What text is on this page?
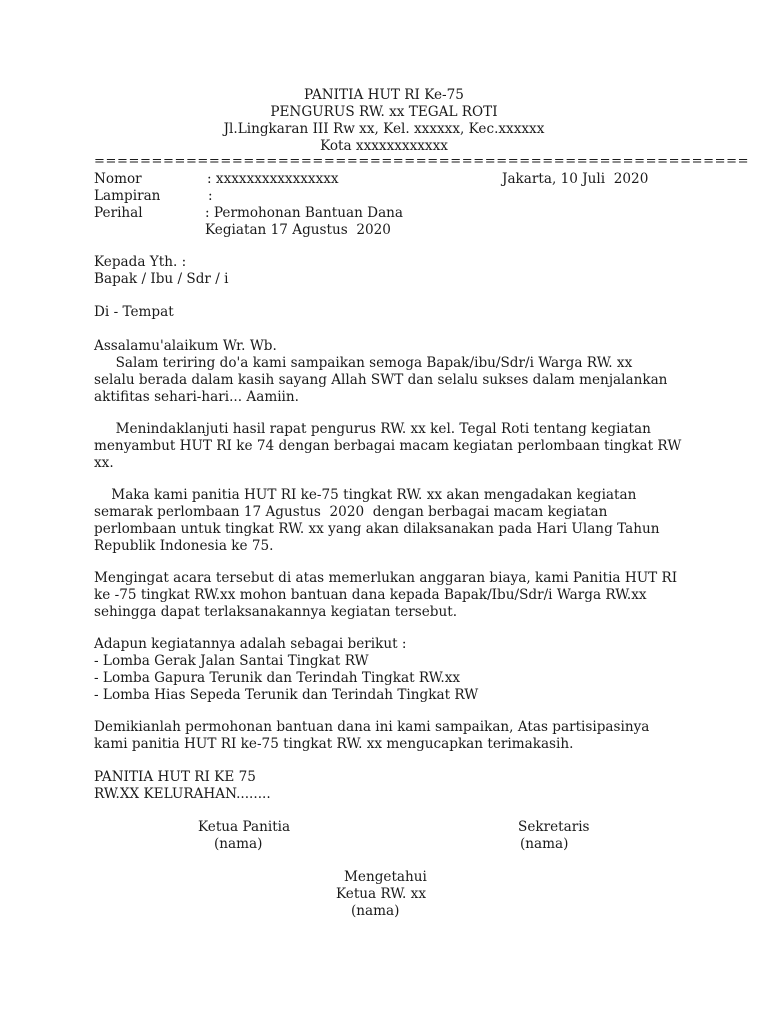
PANITIA HUT RI Ke-75
PENGURUS RW. xx TEGAL ROTI
Jl.Lingkaran III Rw xx, Kel. xxxxxx, Kec.xxxxxx
Kota xxxxxxxxxxxx
=========================================================
Nomor	: xxxxxxxxxxxxxxxx	Jakarta, 10 Juli  2020
Lampiran	:
Perihal	: Permohonan Bantuan Dana
Kegiatan 17 Agustus  2020
Kepada Yth. :
Bapak / Ibu / Sdr / i
Di - Tempat
Assalamu'alaikum Wr. Wb.
Salam teriring do'a kami sampaikan semoga Bapak/ibu/Sdr/i Warga RW. xx
selalu berada dalam kasih sayang Allah SWT dan selalu sukses dalam menjalankan
aktifitas sehari-hari... Aamiin.
Menindaklanjuti hasil rapat pengurus RW. xx kel. Tegal Roti tentang kegiatan
menyambut HUT RI ke 74 dengan berbagai macam kegiatan perlombaan tingkat RW
xx.
Maka kami panitia HUT RI ke-75 tingkat RW. xx akan mengadakan kegiatan
semarak perlombaan 17 Agustus  2020  dengan berbagai macam kegiatan
perlombaan untuk tingkat RW. xx yang akan dilaksanakan pada Hari Ulang Tahun
Republik Indonesia ke 75.
Mengingat acara tersebut di atas memerlukan anggaran biaya, kami Panitia HUT RI
ke -75 tingkat RW.xx mohon bantuan dana kepada Bapak/Ibu/Sdr/i Warga RW.xx
sehingga dapat terlaksanakannya kegiatan tersebut.
Adapun kegiatannya adalah sebagai berikut :
- Lomba Gerak Jalan Santai Tingkat RW
- Lomba Gapura Terunik dan Terindah Tingkat RW.xx
- Lomba Hias Sepeda Terunik dan Terindah Tingkat RW
Demikianlah permohonan bantuan dana ini kami sampaikan, Atas partisipasinya
kami panitia HUT RI ke-75 tingkat RW. xx mengucapkan terimakasih.
PANITIA HUT RI KE 75
RW.XX KELURAHAN........
Ketua Panitia
(nama)
Sekretaris
(nama)
Mengetahui
Ketua RW. xx
(nama)
